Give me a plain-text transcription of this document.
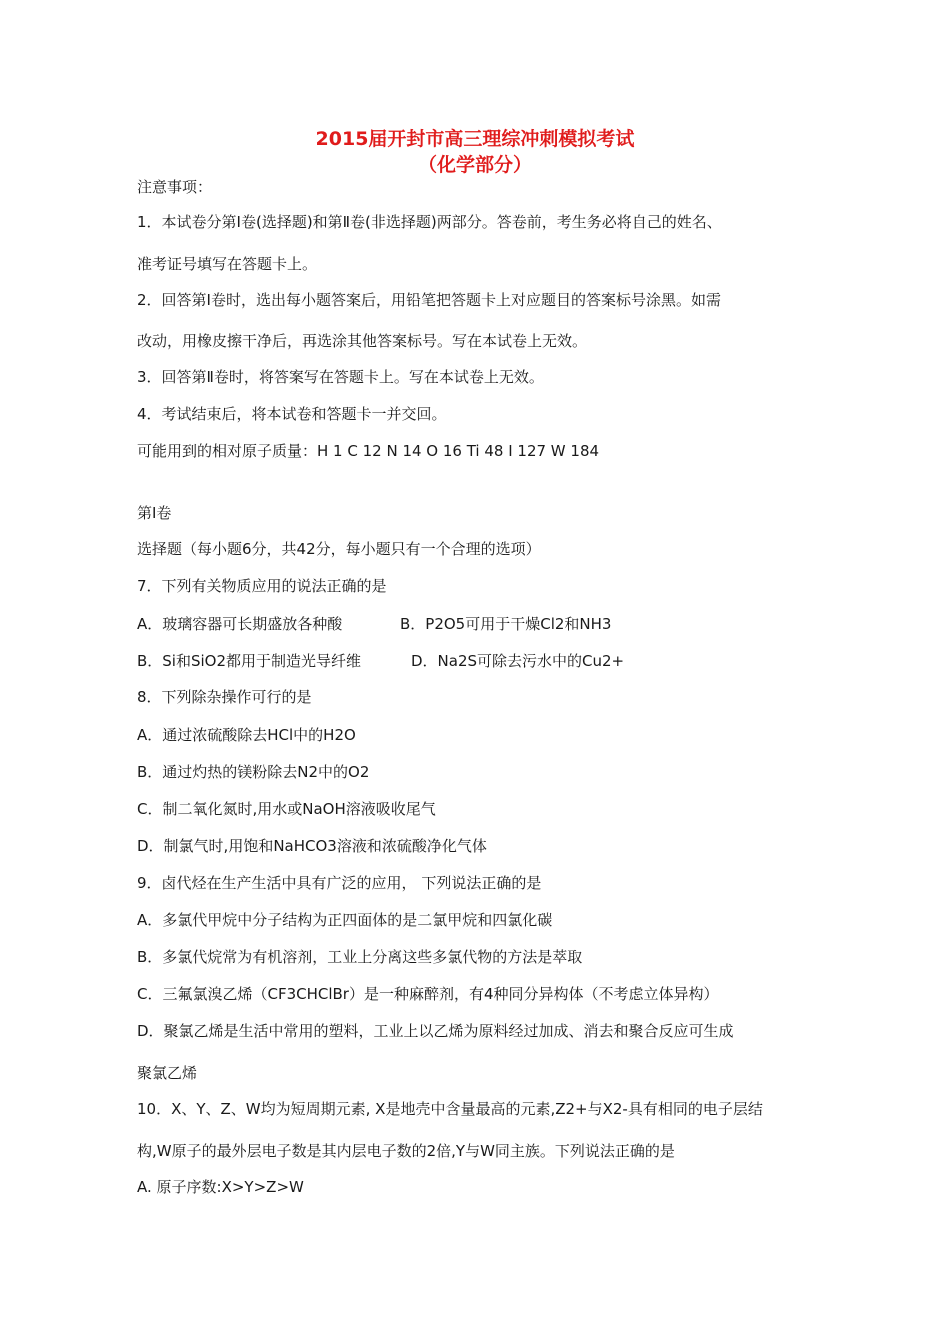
2015届开封市高三理综冲刺模拟考试
（化学部分）
注意事项：
1．本试卷分第Ⅰ卷(选择题)和第Ⅱ卷(非选择题)两部分。答卷前，考生务必将自己的姓名、
准考证号填写在答题卡上。
2．回答第Ⅰ卷时，选出每小题答案后，用铅笔把答题卡上对应题目的答案标号涂黑。如需
改动，用橡皮擦干净后，再选涂其他答案标号。写在本试卷上无效。
3．回答第Ⅱ卷时，将答案写在答题卡上。写在本试卷上无效。
4．考试结束后，将本试卷和答题卡一并交回。
可能用到的相对原子质量：H 1 C 12 N 14 O 16 Ti 48 I 127 W 184
第Ⅰ卷
选择题（每小题6分，共42分，每小题只有一个合理的选项）
7．下列有关物质应用的说法正确的是
A．玻璃容器可长期盛放各种酸	B．P2O5可用于干燥Cl2和NH3
B．Si和SiO2都用于制造光导纤维	D．Na2S可除去污水中的Cu2+
8．下列除杂操作可行的是
A．通过浓硫酸除去HCl中的H2O
B．通过灼热的镁粉除去N2中的O2
C．制二氧化氮时,用水或NaOH溶液吸收尾气
D．制氯气时,用饱和NaHCO3溶液和浓硫酸净化气体
9．卤代烃在生产生活中具有广泛的应用， 下列说法正确的是
A．多氯代甲烷中分子结构为正四面体的是二氯甲烷和四氯化碳
B．多氯代烷常为有机溶剂，工业上分离这些多氯代物的方法是萃取
C．三氟氯溴乙烯（CF3CHClBr）是一种麻醉剂，有4种同分异构体（不考虑立体异构）
D．聚氯乙烯是生活中常用的塑料，工业上以乙烯为原料经过加成、消去和聚合反应可生成
聚氯乙烯
10．X、Y、Z、W均为短周期元素, X是地壳中含量最高的元素,Z2+与X2-具有相同的电子层结
构,W原子的最外层电子数是其内层电子数的2倍,Y与W同主族。下列说法正确的是
A. 原子序数:X>Y>Z>W
